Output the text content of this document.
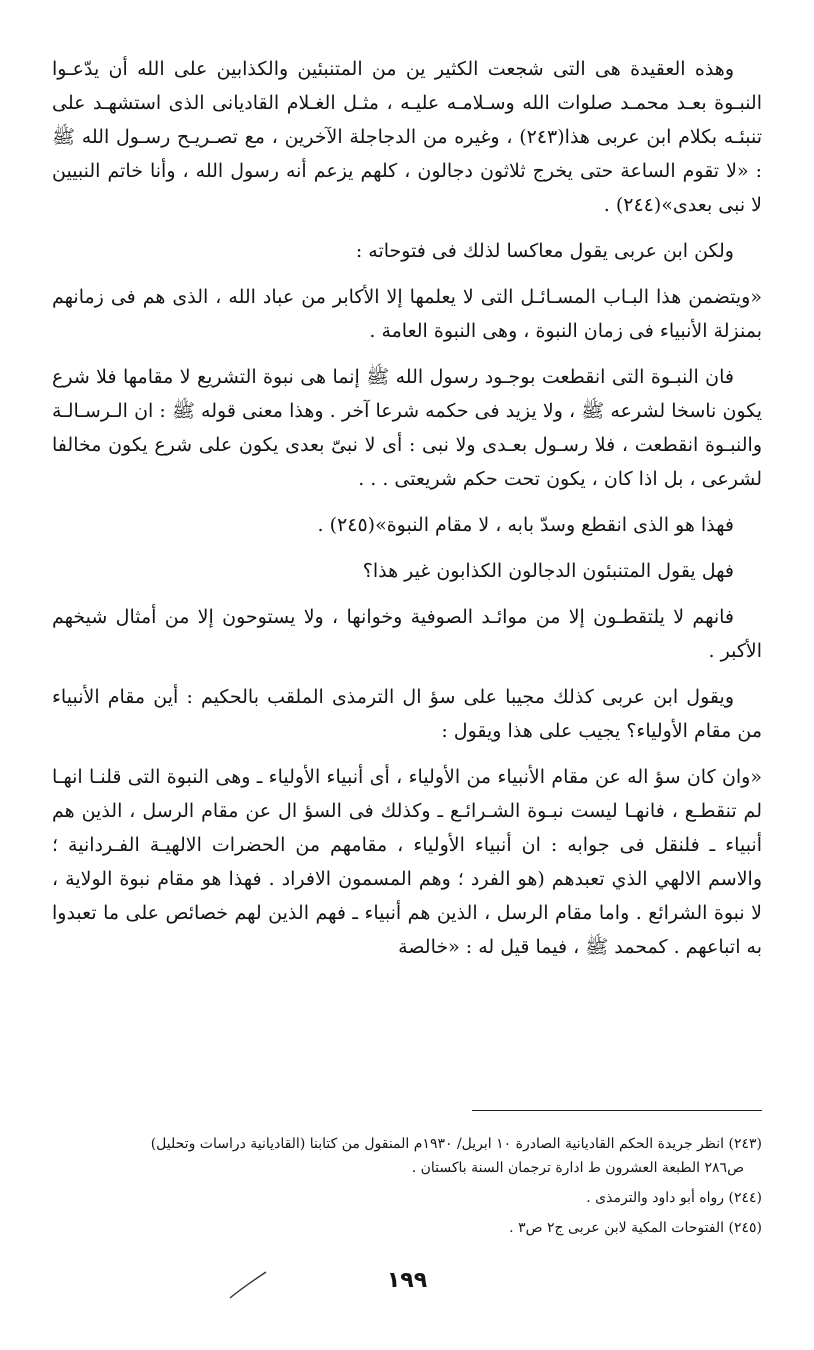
وهذه العقيدة هى التى شجعت الكثير ين من المتنبئين والكذابين على الله أن يدّعـوا النبـوة بعـد محمـد صلوات الله وسـلامـه عليـه ، مثـل الغـلام القاديانى الذى استشهـد على تنبئـه بكلام ابن عربى هذا(٢٤٣) ، وغيره من الدجاجلة الآخرين ، مع تصـريـح رسـول الله ﷺ : «لا تقوم الساعة حتى يخرج ثلاثون دجالون ، كلهم يزعم أنه رسول الله ، وأنا خاتم النبيين لا نبى بعدى»(٢٤٤) .

ولكن ابن عربى يقول معاكسا لذلك فى فتوحاته :

«ويتضمن هذا البـاب المسـائـل التى لا يعلمها إلا الأكابر من عباد الله ، الذى هم فى زمانهم بمنزلة الأنبياء فى زمان النبوة ، وهى النبوة العامة .

فان النبـوة التى انقطعت بوجـود رسول الله ﷺ إنما هى نبوة التشريع لا مقامها فلا شرع يكون ناسخا لشرعه ﷺ ، ولا يزيد فى حكمه شرعا آخر . وهذا معنى قوله ﷺ : ان الـرسـالـة والنبـوة انقطعت ، فلا رسـول بعـدى ولا نبى : أى لا نبىّ بعدى يكون على شرع يكون مخالفا لشرعى ، بل اذا كان ، يكون تحت حكم شريعتى . . .

فهذا هو الذى انقطع وسدّ بابه ، لا مقام النبوة»(٢٤٥) .

فهل يقول المتنبئون الدجالون الكذابون غير هذا؟

فانهم لا يلتقطـون إلا من موائـد الصوفية وخوانها ، ولا يستوحون إلا من أمثال شيخهم الأكبر .

ويقول ابن عربى كذلك مجيبا على سؤ ال الترمذى الملقب بالحكيم : أين مقام الأنبياء من مقام الأولياء؟ يجيب على هذا ويقول :

«وان كان سؤ اله عن مقام الأنبياء من الأولياء ، أى أنبياء الأولياء ـ وهى النبوة التى قلنـا انهـا لم تنقطـع ، فانهـا ليست نبـوة الشـرائـع ـ وكذلك فى السؤ ال عن مقام الرسل ، الذين هم أنبياء ـ فلنقل فى جوابه : ان أنبياء الأولياء ، مقامهم من الحضرات الالهيـة الفـردانية ؛ والاسم الالهي الذي تعبدهم (هو الفرد ؛ وهم المسمون الافراد . فهذا هو مقام نبوة الولاية ، لا نبوة الشرائع . واما مقام الرسل ، الذين هم أنبياء ـ فهم الذين لهم خصائص على ما تعبدوا به اتباعهم . كمحمد ﷺ ، فيما قيل له : «خالصة

(٢٤٣) انظر جريدة الحكم القاديانية الصادرة ١٠ ابريل/ ١٩٣٠م المنقول من كتابنا (القاديانية دراسات وتحليل)

ص٢٨٦ الطبعة العشرون ط ادارة ترجمان السنة باكستان .

(٢٤٤) رواه أبو داود والترمذى .

(٢٤٥) الفتوحات المكية لابن عربى ج٢ ص٣ .

١٩٩
